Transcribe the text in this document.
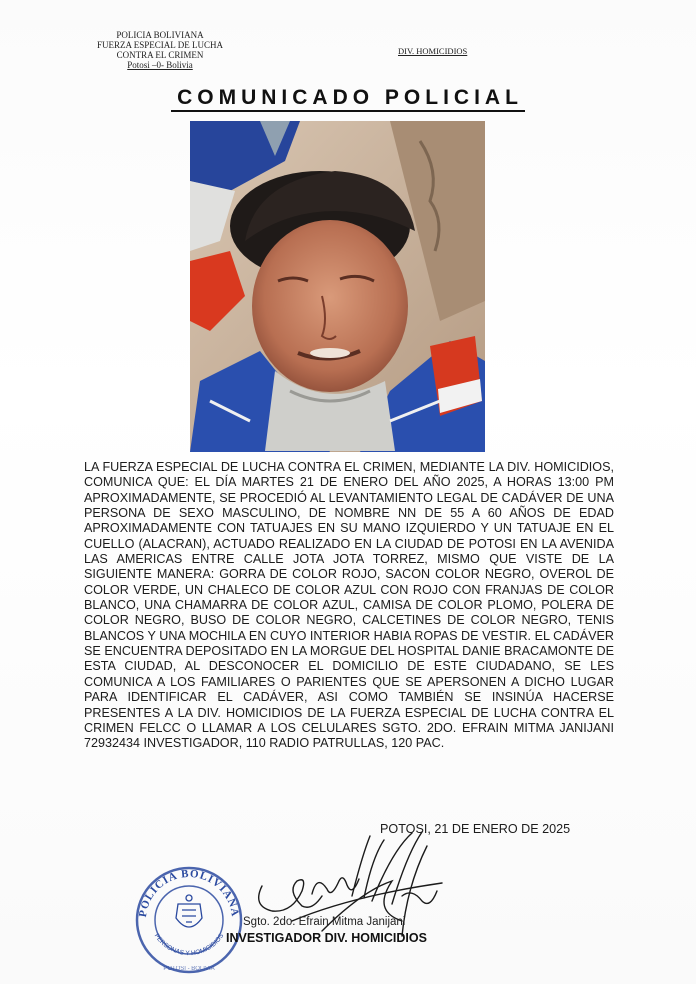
POLICIA BOLIVIANA
FUERZA ESPECIAL DE LUCHA
CONTRA EL CRIMEN
Potosi –0- Bolivia
DIV. HOMICIDIOS
COMUNICADO POLICIAL

LA FUERZA ESPECIAL DE LUCHA CONTRA EL CRIMEN, MEDIANTE LA DIV. HOMICIDIOS, COMUNICA QUE: EL DÍA MARTES 21 DE ENERO DEL AÑO 2025, A HORAS 13:00 PM APROXIMADAMENTE, SE PROCEDIÓ AL LEVANTAMIENTO LEGAL DE CADÁVER DE UNA PERSONA DE SEXO MASCULINO, DE NOMBRE NN DE 55 A 60 AÑOS DE EDAD APROXIMADAMENTE CON TATUAJES EN SU MANO IZQUIERDO Y UN TATUAJE EN EL CUELLO (ALACRAN), ACTUADO REALIZADO EN LA CIUDAD DE POTOSI EN LA AVENIDA LAS AMERICAS ENTRE CALLE JOTA JOTA TORREZ, MISMO QUE VISTE DE LA SIGUIENTE MANERA: GORRA DE COLOR ROJO, SACON COLOR NEGRO, OVEROL DE COLOR VERDE, UN CHALECO DE COLOR AZUL CON ROJO CON FRANJAS DE COLOR BLANCO, UNA CHAMARRA DE COLOR AZUL, CAMISA DE COLOR PLOMO, POLERA DE COLOR NEGRO, BUSO DE COLOR NEGRO, CALCETINES DE COLOR NEGRO, TENIS BLANCOS Y UNA MOCHILA EN CUYO INTERIOR HABIA ROPAS DE VESTIR. EL CADÁVER SE ENCUENTRA DEPOSITADO EN LA MORGUE DEL HOSPITAL DANIE BRACAMONTE DE ESTA CIUDAD, AL DESCONOCER EL DOMICILIO DE ESTE CIUDADANO, SE LES COMUNICA A LOS FAMILIARES O PARIENTES QUE SE APERSONEN A DICHO LUGAR PARA IDENTIFICAR EL CADÁVER, ASI COMO TAMBIÉN SE INSINÚA HACERSE PRESENTES A LA DIV. HOMICIDIOS DE LA FUERZA ESPECIAL DE LUCHA CONTRA EL CRIMEN FELCC O LLAMAR A LOS CELULARES SGTO. 2DO. EFRAIN MITMA JANIJANI 72932434 INVESTIGADOR, 110 RADIO PATRULLAS, 120 PAC.

POTOSI, 21 DE ENERO DE 2025
POLICIA BOLIVIANA
PERSONAS Y HOMICIDIOS
POTOSI - BOLIVIA
Sgto. 2do. Efrain Mitma Janijani
INVESTIGADOR DIV. HOMICIDIOS
